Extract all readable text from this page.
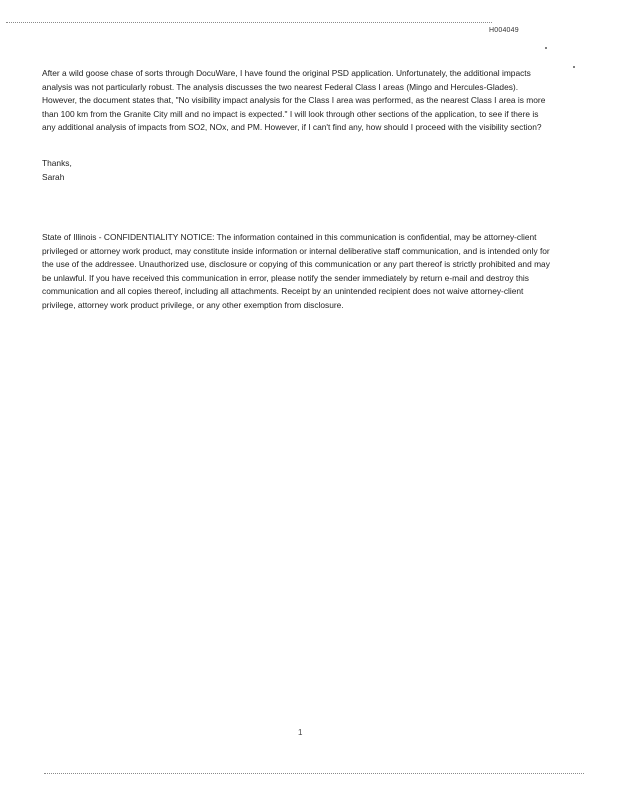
H004049

After a wild goose chase of sorts through DocuWare, I have found the original PSD application. Unfortunately, the additional impacts analysis was not particularly robust. The analysis discusses the two nearest Federal Class I areas (Mingo and Hercules-Glades). However, the document states that, "No visibility impact analysis for the Class I area was performed, as the nearest Class I area is more than 100 km from the Granite City mill and no impact is expected." I will look through other sections of the application, to see if there is any additional analysis of impacts from SO2, NOx, and PM. However, if I can't find any, how should I proceed with the visibility section?

Thanks,
Sarah

State of Illinois - CONFIDENTIALITY NOTICE: The information contained in this communication is confidential, may be attorney-client privileged or attorney work product, may constitute inside information or internal deliberative staff communication, and is intended only for the use of the addressee. Unauthorized use, disclosure or copying of this communication or any part thereof is strictly prohibited and may be unlawful. If you have received this communication in error, please notify the sender immediately by return e-mail and destroy this communication and all copies thereof, including all attachments. Receipt by an unintended recipient does not waive attorney-client privilege, attorney work product privilege, or any other exemption from disclosure.

1
